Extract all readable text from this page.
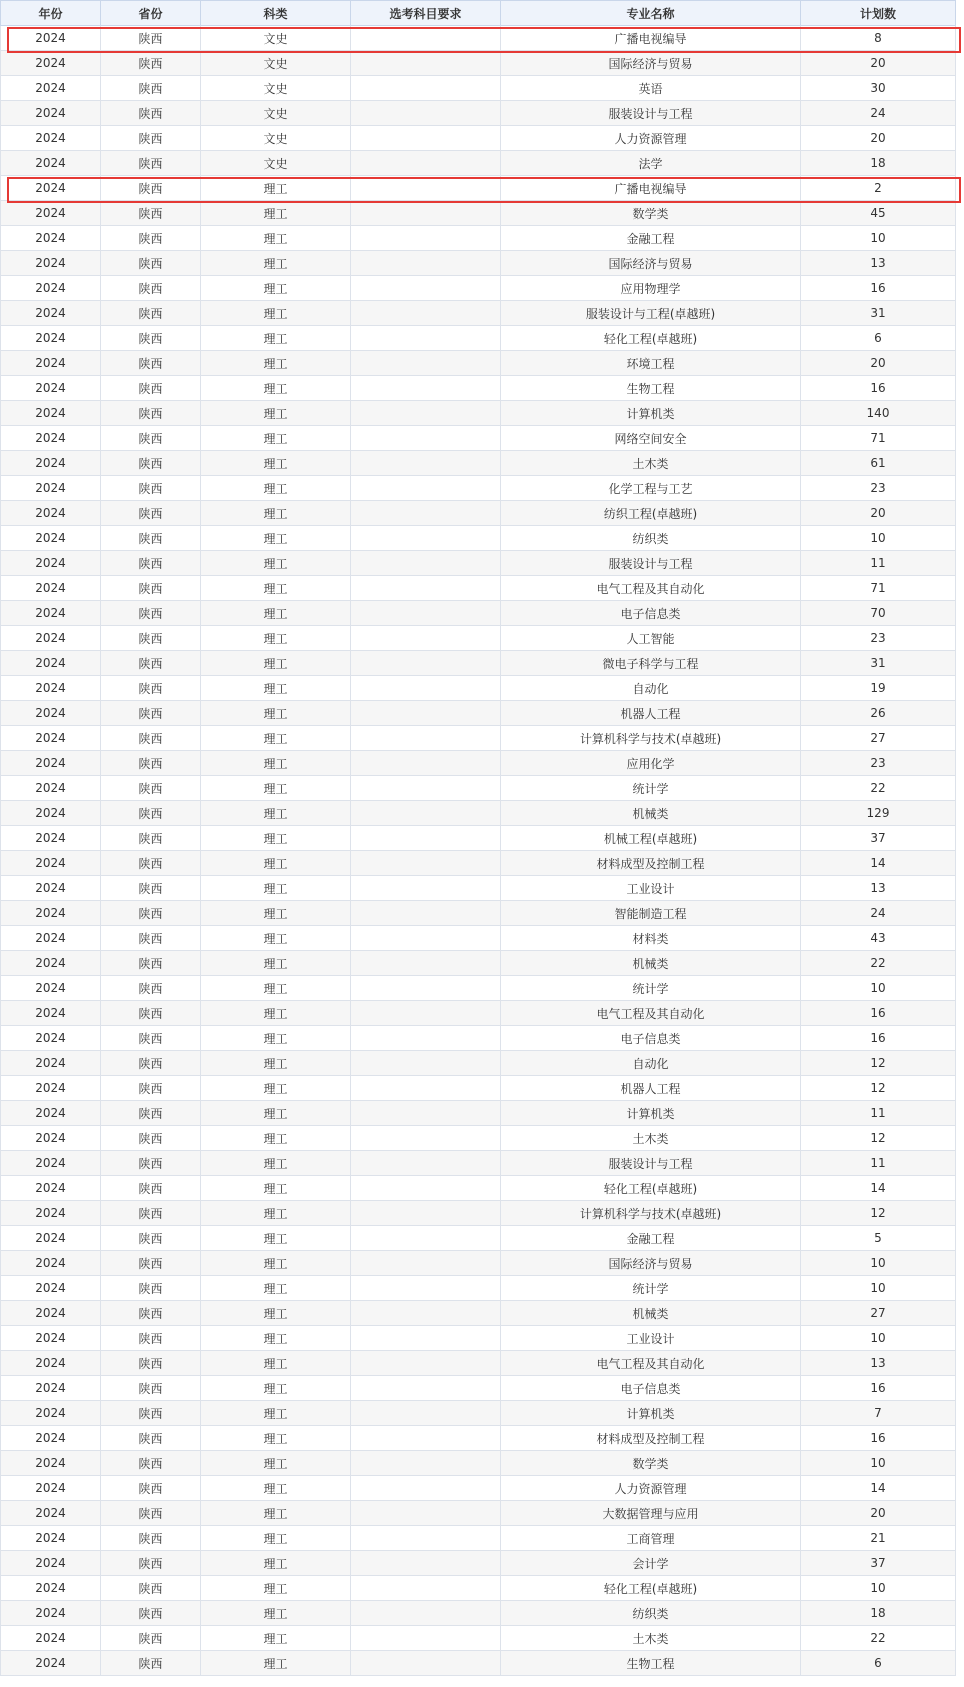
年份	省份	科类	选考科目要求	专业名称	计划数
2024	陕西	文史		广播电视编导	8
2024	陕西	文史		国际经济与贸易	20
2024	陕西	文史		英语	30
2024	陕西	文史		服装设计与工程	24
2024	陕西	文史		人力资源管理	20
2024	陕西	文史		法学	18
2024	陕西	理工		广播电视编导	2
2024	陕西	理工		数学类	45
2024	陕西	理工		金融工程	10
2024	陕西	理工		国际经济与贸易	13
2024	陕西	理工		应用物理学	16
2024	陕西	理工		服装设计与工程(卓越班)	31
2024	陕西	理工		轻化工程(卓越班)	6
2024	陕西	理工		环境工程	20
2024	陕西	理工		生物工程	16
2024	陕西	理工		计算机类	140
2024	陕西	理工		网络空间安全	71
2024	陕西	理工		土木类	61
2024	陕西	理工		化学工程与工艺	23
2024	陕西	理工		纺织工程(卓越班)	20
2024	陕西	理工		纺织类	10
2024	陕西	理工		服装设计与工程	11
2024	陕西	理工		电气工程及其自动化	71
2024	陕西	理工		电子信息类	70
2024	陕西	理工		人工智能	23
2024	陕西	理工		微电子科学与工程	31
2024	陕西	理工		自动化	19
2024	陕西	理工		机器人工程	26
2024	陕西	理工		计算机科学与技术(卓越班)	27
2024	陕西	理工		应用化学	23
2024	陕西	理工		统计学	22
2024	陕西	理工		机械类	129
2024	陕西	理工		机械工程(卓越班)	37
2024	陕西	理工		材料成型及控制工程	14
2024	陕西	理工		工业设计	13
2024	陕西	理工		智能制造工程	24
2024	陕西	理工		材料类	43
2024	陕西	理工		机械类	22
2024	陕西	理工		统计学	10
2024	陕西	理工		电气工程及其自动化	16
2024	陕西	理工		电子信息类	16
2024	陕西	理工		自动化	12
2024	陕西	理工		机器人工程	12
2024	陕西	理工		计算机类	11
2024	陕西	理工		土木类	12
2024	陕西	理工		服装设计与工程	11
2024	陕西	理工		轻化工程(卓越班)	14
2024	陕西	理工		计算机科学与技术(卓越班)	12
2024	陕西	理工		金融工程	5
2024	陕西	理工		国际经济与贸易	10
2024	陕西	理工		统计学	10
2024	陕西	理工		机械类	27
2024	陕西	理工		工业设计	10
2024	陕西	理工		电气工程及其自动化	13
2024	陕西	理工		电子信息类	16
2024	陕西	理工		计算机类	7
2024	陕西	理工		材料成型及控制工程	16
2024	陕西	理工		数学类	10
2024	陕西	理工		人力资源管理	14
2024	陕西	理工		大数据管理与应用	20
2024	陕西	理工		工商管理	21
2024	陕西	理工		会计学	37
2024	陕西	理工		轻化工程(卓越班)	10
2024	陕西	理工		纺织类	18
2024	陕西	理工		土木类	22
2024	陕西	理工		生物工程	6
